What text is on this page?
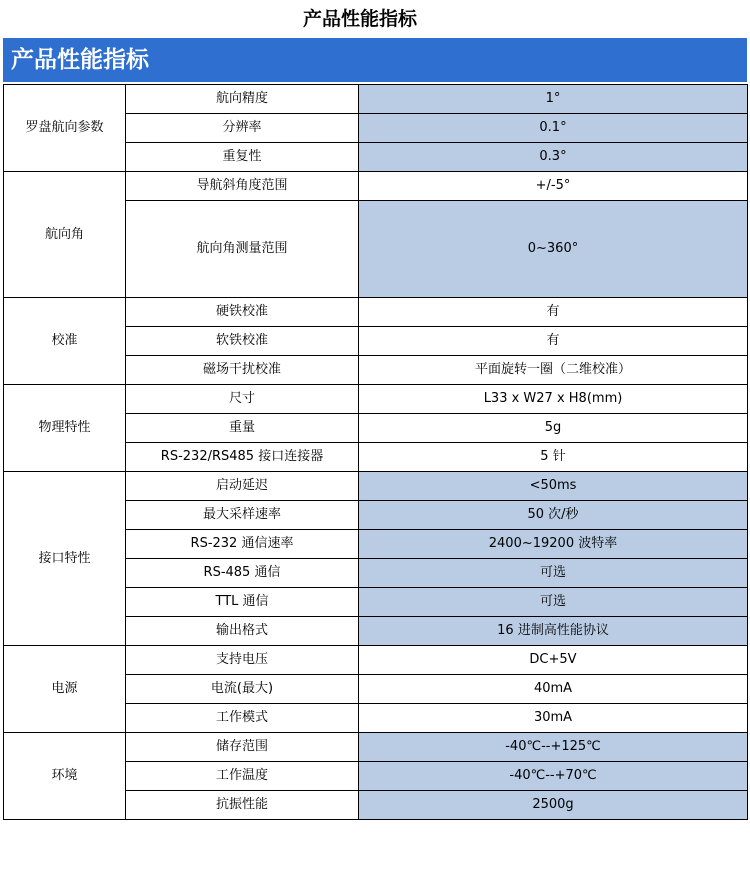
产品性能指标
产品性能指标
罗盘航向参数	航向精度	1°
	分辨率	0.1°
	重复性	0.3°
航向角	导航斜角度范围	+/-5°
	航向角测量范围	0~360°
校准	硬铁校准	有
	软铁校准	有
	磁场干扰校准	平面旋转一圈（二维校准）
物理特性	尺寸	L33 x W27 x H8(mm)
	重量	5g
	RS-232/RS485 接口连接器	5 针
接口特性	启动延迟	<50ms
	最大采样速率	50 次/秒
	RS-232 通信速率	2400~19200 波特率
	RS-485 通信	可选
	TTL 通信	可选
	输出格式	16 进制高性能协议
电源	支持电压	DC+5V
	电流(最大)	40mA
	工作模式	30mA
环境	储存范围	-40℃--+125℃
	工作温度	-40℃--+70℃
	抗振性能	2500g
